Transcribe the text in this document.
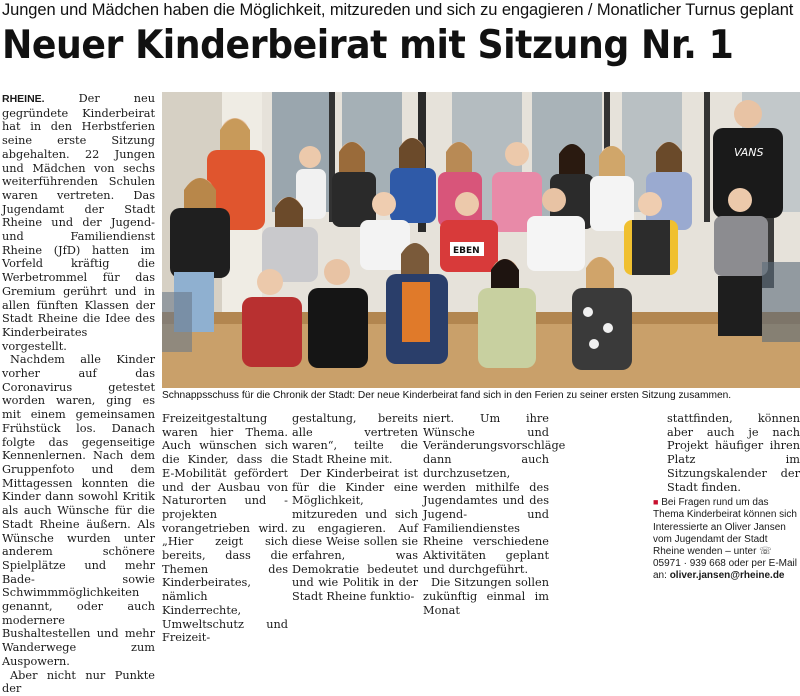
Jungen und Mädchen haben die Möglichkeit, mitzureden und sich zu engagieren / Monatlicher Turnus geplant
Neuer Kinderbeirat mit Sitzung Nr. 1

RHEINE.	Der neu gegründete Kinderbeirat hat in den Herbstferien seine erste Sitzung abgehalten. 22 Jungen und Mädchen von sechs weiterführenden Schulen waren vertreten. Das Jugendamt der Stadt Rheine und der Jugend- und Familiendienst Rheine (JfD) hatten im Vorfeld kräftig die Werbetrommel für das Gremium gerührt und in allen fünften Klassen der Stadt Rheine die Idee des Kinderbeirates vorgestellt.

Nachdem alle Kinder vorher auf das Coronavirus getestet worden waren, ging es mit einem gemeinsamen Frühstück los. Danach folgte das gegenseitige Kennenlernen. Nach dem Gruppenfoto und dem Mittagessen konnten die Kinder dann sowohl Kritik als auch Wünsche für die Stadt Rheine äußern. Als Wünsche wurden unter anderem schönere Spielplätze und mehr Bade- sowie Schwimmmöglichkeiten genannt, oder auch modernere Bushaltestellen und mehr Wanderwege zum Auspowern.

Aber nicht nur Punkte der

VANS
EBEN
Schnappsschuss für die Chronik der Stadt: Der neue Kinderbeirat fand sich in den Ferien zu seiner ersten Sitzung zusammen.

Freizeitgestaltung waren hier Thema. Auch wünschen sich die Kinder, dass die E-Mobilität gefördert und der Ausbau von Naturorten und -projekten vorangetrieben wird. „Hier zeigt sich bereits, dass die Themen des Kinderbeirates, nämlich Kinderrechte, Umweltschutz und Freizeit-

gestaltung, bereits alle vertreten waren“, teilte die Stadt Rheine mit.

Der Kinderbeirat ist für die Kinder eine Möglichkeit, mitzureden und sich zu engagieren. Auf diese Weise sollen sie erfahren, was Demokratie bedeutet und wie Politik in der Stadt Rheine funktio-

niert. Um ihre Wünsche und Veränderungsvorschläge dann auch durchzusetzen, werden mithilfe des Jugendamtes und des Jugend- und Familiendienstes Rheine verschiedene Aktivitäten geplant und durchgeführt.

Die Sitzungen sollen zukünftig einmal im Monat

stattfinden, können aber auch je nach Projekt häufiger ihren Platz im Sitzungskalender der Stadt finden.

■ Bei Fragen rund um das Thema Kinderbeirat können sich Interessierte an Oliver Jansen vom Jugendamt der Stadt Rheine wenden – unter ☏ 05971 · 939 668 oder per E-Mail an: oliver.jansen@rheine.de
